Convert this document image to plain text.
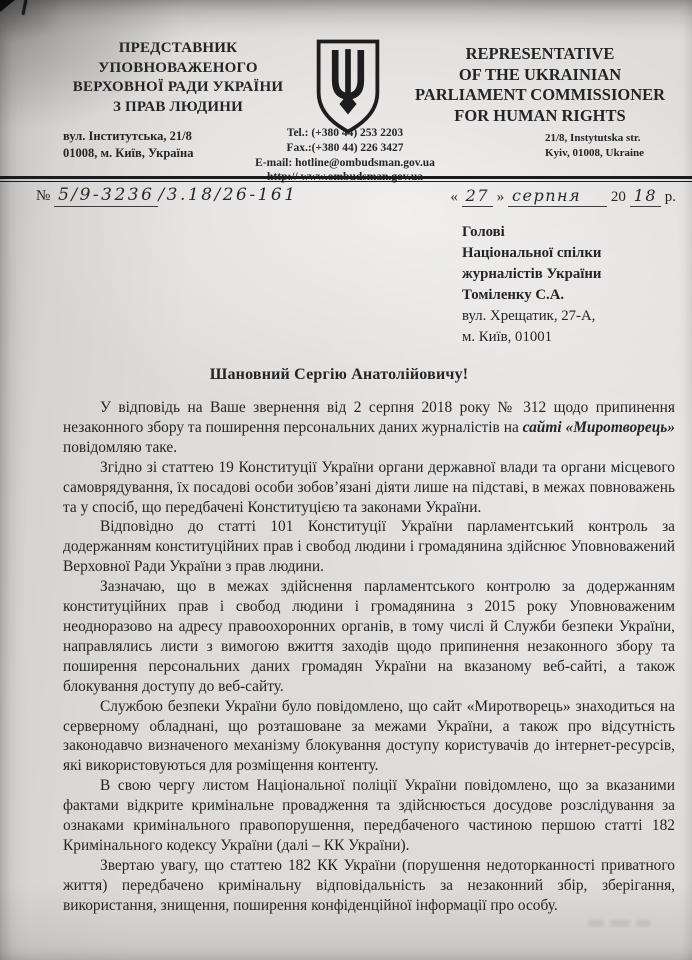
ПРЕДСТАВНИК
УПОВНОВАЖЕНОГО
ВЕРХОВНОЇ РАДИ УКРАЇНИ
З ПРАВ ЛЮДИНИ
REPRESENTATIVE
OF THE UKRAINIAN
PARLIAMENT COMMISSIONER
FOR HUMAN RIGHTS
вул. Інститутська, 21/8
01008, м. Київ, Україна
Tel.: (+380 44) 253 2203
Fax.:(+380 44) 226 3427
E-mail: hotline@ombudsman.gov.ua
21/8, Instytutska str.
Kyiv, 01008, Ukraine
№ 5/9-3236 /3.18/26-161	« 27 » серпня 20 18 р.
Голові
Національної спілки
журналістів України
Томіленку С.А.
вул. Хрещатик, 27-А,
м. Київ, 01001
Шановний Сергію Анатолійовичу!

У відповідь на Ваше звернення від 2 серпня 2018 року № 312 щодо припинення незаконного збору та поширення персональних даних журналістів на сайті «Миротворець» повідомляю таке.

Згідно зі статтею 19 Конституції України органи державної влади та органи місцевого самоврядування, їх посадові особи зобов’язані діяти лише на підставі, в межах повноважень та у спосіб, що передбачені Конституцією та законами України.

Відповідно до статті 101 Конституції України парламентський контроль за додержанням конституційних прав і свобод людини і громадянина здійснює Уповноважений Верховної Ради України з прав людини.

Зазначаю, що в межах здійснення парламентського контролю за додержанням конституційних прав і свобод людини і громадянина з 2015 року Уповноваженим неодноразово на адресу правоохоронних органів, в тому числі й Служби безпеки України, направлялись листи з вимогою вжиття заходів щодо припинення незаконного збору та поширення персональних даних громадян України на вказаному веб-сайті, а також блокування доступу до веб-сайту.

Службою безпеки України було повідомлено, що сайт «Миротворець» знаходиться на серверному обладнані, що розташоване за межами України, а також про відсутність законодавчо визначеного механізму блокування доступу користувачів до інтернет-ресурсів, які використовуються для розміщення контенту.

В свою чергу листом Національної поліції України повідомлено, що за вказаними фактами відкрите кримінальне провадження та здійснюється досудове розслідування за ознаками кримінального правопорушення, передбаченого частиною першою статті 182 Кримінального кодексу України (далі – КК України).

Звертаю увагу, що статтею 182 КК України (порушення недоторканності приватного життя) передбачено кримінальну відповідальність за незаконний збір, зберігання, використання, знищення, поширення конфіденційної інформації про особу.
